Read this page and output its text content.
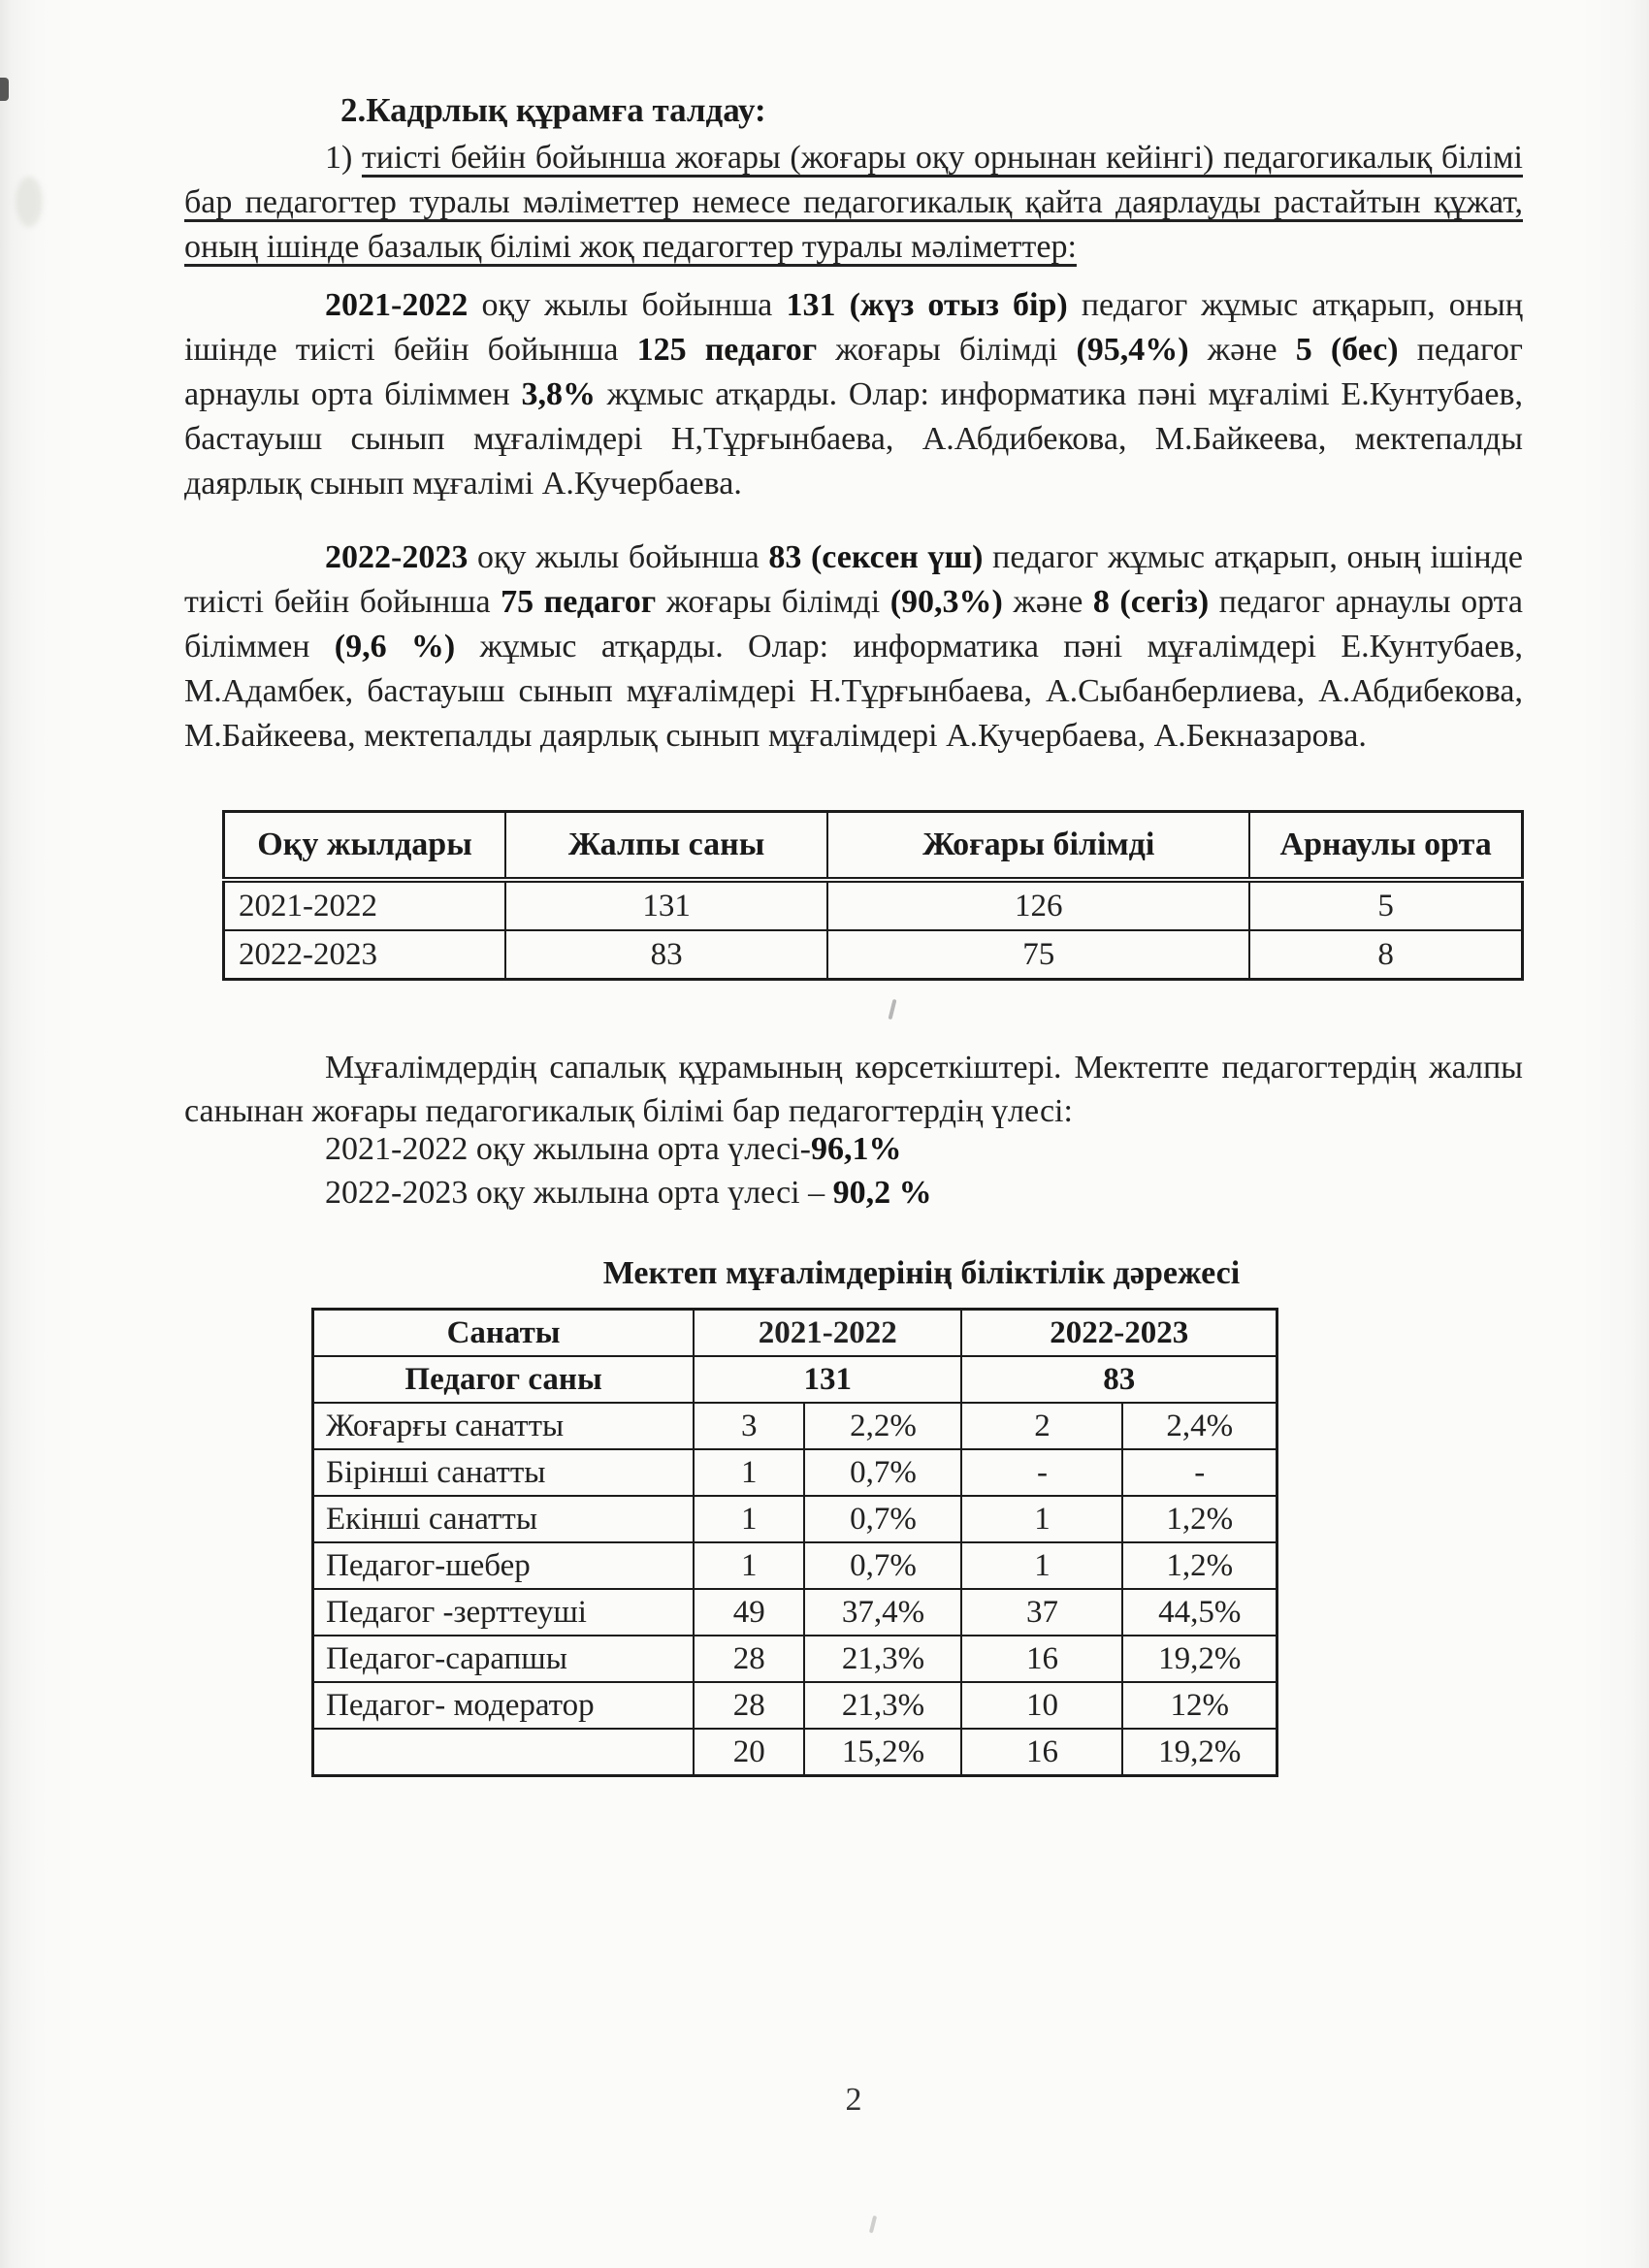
2.Кадрлық құрамға талдау:

1) тиісті бейін бойынша жоғары (жоғары оқу орнынан кейінгі) педагогикалық білімі бар педагогтер туралы мәліметтер немесе педагогикалық қайта даярлауды растайтын құжат, оның ішінде базалық білімі жоқ педагогтер туралы мәліметтер:

2021-2022 оқу жылы бойынша 131 (жүз отыз бір) педагог жұмыс атқарып, оның ішінде тиісті бейін бойынша 125 педагог жоғары білімді (95,4%) және 5 (бес) педагог арнаулы орта біліммен 3,8% жұмыс атқарды. Олар: информатика пәні мұғалімі Е.Кунтубаев, бастауыш сынып мұғалімдері Н,Тұрғынбаева, А.Абдибекова, М.Байкеева, мектепалды даярлық сынып мұғалімі А.Кучербаева.

2022-2023 оқу жылы бойынша 83 (сексен үш) педагог жұмыс атқарып, оның ішінде тиісті бейін бойынша 75 педагог жоғары білімді (90,3%) және 8 (сегіз) педагог арнаулы орта біліммен (9,6 %) жұмыс атқарды. Олар: информатика пәні мұғалімдері Е.Кунтубаев, М.Адамбек, бастауыш сынып мұғалімдері Н.Тұрғынбаева, А.Сыбанберлиева, А.Абдибекова, М.Байкеева, мектепалды даярлық сынып мұғалімдері А.Кучербаева, А.Бекназарова.

Оқу жылдары	Жалпы саны	Жоғары білімді	Арнаулы орта
2021-2022	131	126	5
2022-2023	83	75	8

Мұғалімдердің сапалық құрамының көрсеткіштері. Мектепте педагогтердің жалпы санынан жоғары педагогикалық білімі бар педагогтердің үлесі:

2021-2022 оқу жылына орта үлесі-96,1%

2022-2023 оқу жылына орта үлесі – 90,2 %

Мектеп мұғалімдерінің біліктілік дәрежесі
Санаты	2021-2022		2022-2023	
Педагог саны	131		83	
Жоғарғы санатты	3	2,2%	2	2,4%
Бірінші санатты	1	0,7%	-	-
Екінші санатты	1	0,7%	1	1,2%
Педагог-шебер	1	0,7%	1	1,2%
Педагог -зерттеуші	49	37,4%	37	44,5%
Педагог-сарапшы	28	21,3%	16	19,2%
Педагог- модератор	28	21,3%	10	12%
	20	15,2%	16	19,2%
2
